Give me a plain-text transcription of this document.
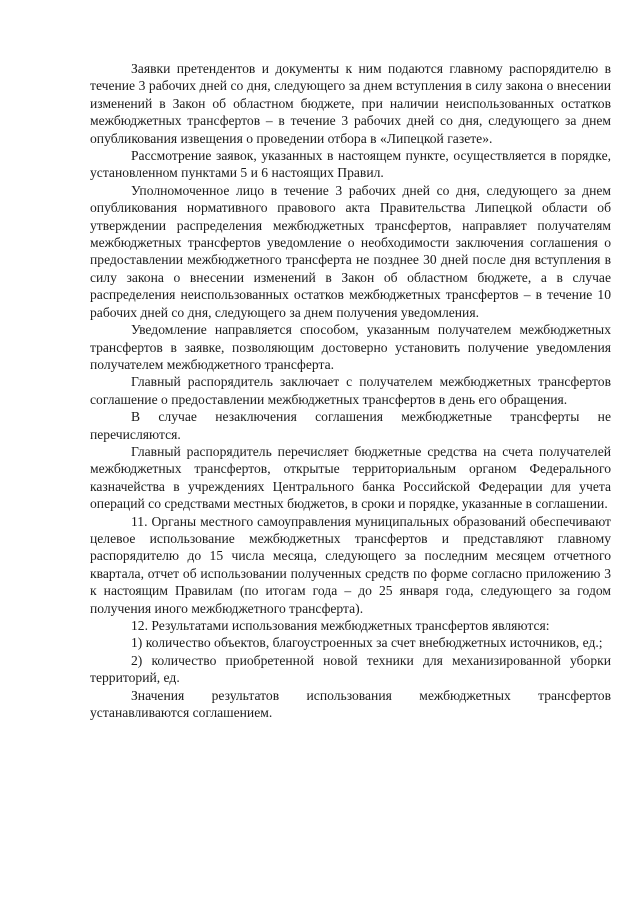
Заявки претендентов и документы к ним подаются главному распорядителю в течение 3 рабочих дней со дня, следующего за днем вступления в силу закона о внесении изменений в Закон об областном бюджете, при наличии неиспользованных остатков межбюджетных трансфертов – в течение 3 рабочих дней со дня, следующего за днем опубликования извещения о проведении отбора в «Липецкой газете».

Рассмотрение заявок, указанных в настоящем пункте, осуществляется в порядке, установленном пунктами 5 и 6 настоящих Правил.

Уполномоченное лицо в течение 3 рабочих дней со дня, следующего за днем опубликования нормативного правового акта Правительства Липецкой области об утверждении распределения межбюджетных трансфертов, направляет получателям межбюджетных трансфертов уведомление о необходимости заключения соглашения о предоставлении межбюджетного трансферта не позднее 30 дней после дня вступления в силу закона о внесении изменений в Закон об областном бюджете, а в случае распределения неиспользованных остатков межбюджетных трансфертов – в течение 10 рабочих дней со дня, следующего за днем получения уведомления.

Уведомление направляется способом, указанным получателем межбюджетных трансфертов в заявке, позволяющим достоверно установить получение уведомления получателем межбюджетного трансферта.

Главный распорядитель заключает с получателем межбюджетных трансфертов соглашение о предоставлении межбюджетных трансфертов в день его обращения.

В случае незаключения соглашения межбюджетные трансферты не перечисляются.

Главный распорядитель перечисляет бюджетные средства на счета получателей межбюджетных трансфертов, открытые территориальным органом Федерального казначейства в учреждениях Центрального банка Российской Федерации для учета операций со средствами местных бюджетов, в сроки и порядке, указанные в соглашении.

11. Органы местного самоуправления муниципальных образований обеспечивают целевое использование межбюджетных трансфертов и представляют главному распорядителю до 15 числа месяца, следующего за последним месяцем отчетного квартала, отчет об использовании полученных средств по форме согласно приложению 3 к настоящим Правилам (по итогам года – до 25 января года, следующего за годом получения иного межбюджетного трансферта).

12. Результатами использования межбюджетных трансфертов являются:

1) количество объектов, благоустроенных за счет внебюджетных источников, ед.;

2) количество приобретенной новой техники для механизированной уборки территорий, ед.

Значения результатов использования межбюджетных трансфертов устанавливаются соглашением.
